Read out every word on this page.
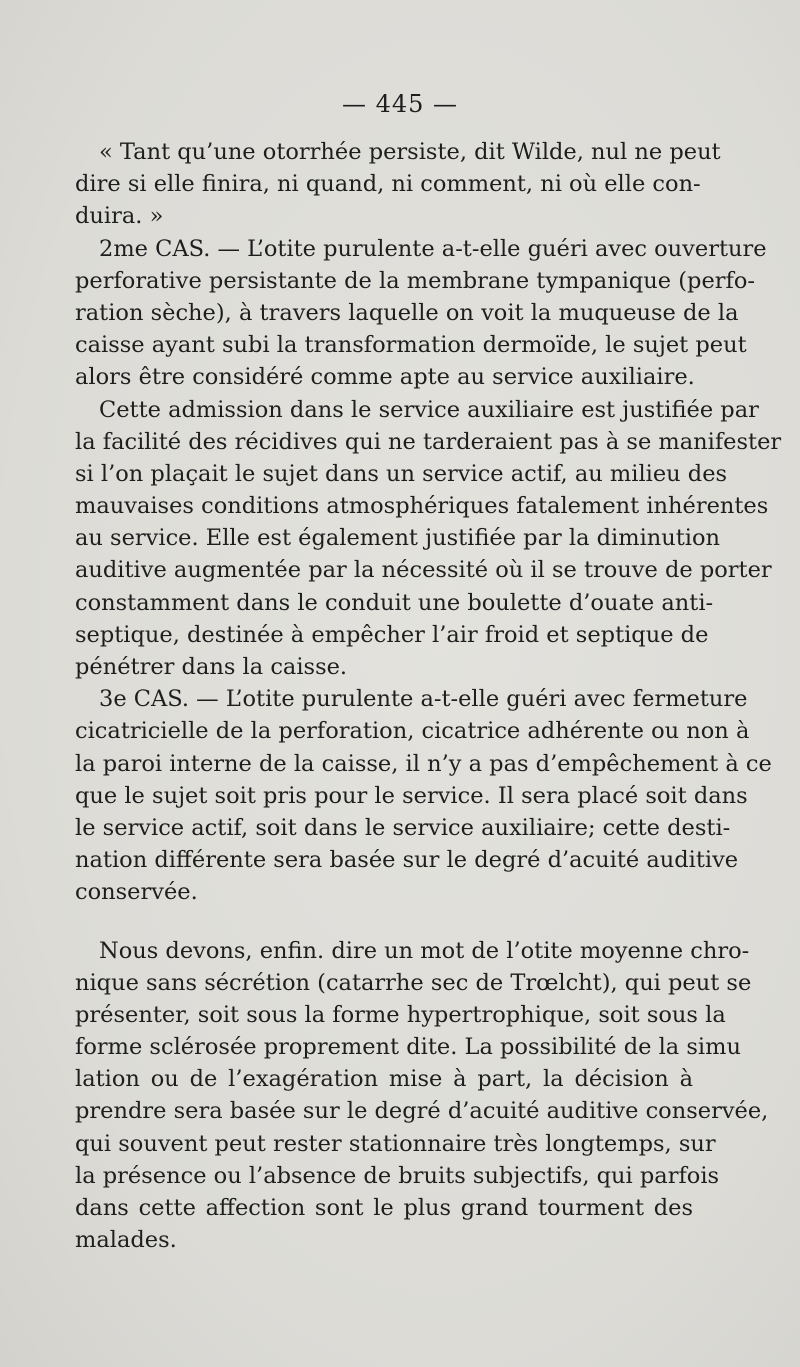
— 445 —
« Tant qu’une otorrhée persiste, dit Wilde, nul ne peut
dire si elle finira, ni quand, ni comment, ni où elle con-
duira. »
2me CAS. — L’otite purulente a-t-elle guéri avec ouverture
perforative persistante de la membrane tympanique (perfo-
ration sèche), à travers laquelle on voit la muqueuse de la
caisse ayant subi la transformation dermoïde, le sujet peut
alors être considéré comme apte au service auxiliaire.
Cette admission dans le service auxiliaire est justifiée par
la facilité des récidives qui ne tarderaient pas à se manifester
si l’on plaçait le sujet dans un service actif, au milieu des
mauvaises conditions atmosphériques fatalement inhérentes
au service. Elle est également justifiée par la diminution
auditive augmentée par la nécessité où il se trouve de porter
constamment dans le conduit une boulette d’ouate anti-
septique, destinée à empêcher l’air froid et septique de
pénétrer dans la caisse.
3e CAS. — L’otite purulente a-t-elle guéri avec fermeture
cicatricielle de la perforation, cicatrice adhérente ou non à
la paroi interne de la caisse, il n’y a pas d’empêchement à ce
que le sujet soit pris pour le service. Il sera placé soit dans
le service actif, soit dans le service auxiliaire; cette desti-
nation différente sera basée sur le degré d’acuité auditive
conservée.
Nous devons, enfin. dire un mot de l’otite moyenne chro-
nique sans sécrétion (catarrhe sec de Trœlcht), qui peut se
présenter, soit sous la forme hypertrophique, soit sous la
forme sclérosée proprement dite. La possibilité de la simu
lation ou de l’exagération mise à part, la décision à
prendre sera basée sur le degré d’acuité auditive conservée,
qui souvent peut rester stationnaire très longtemps, sur
la présence ou l’absence de bruits subjectifs, qui parfois
dans cette affection sont le plus grand tourment des
malades.
